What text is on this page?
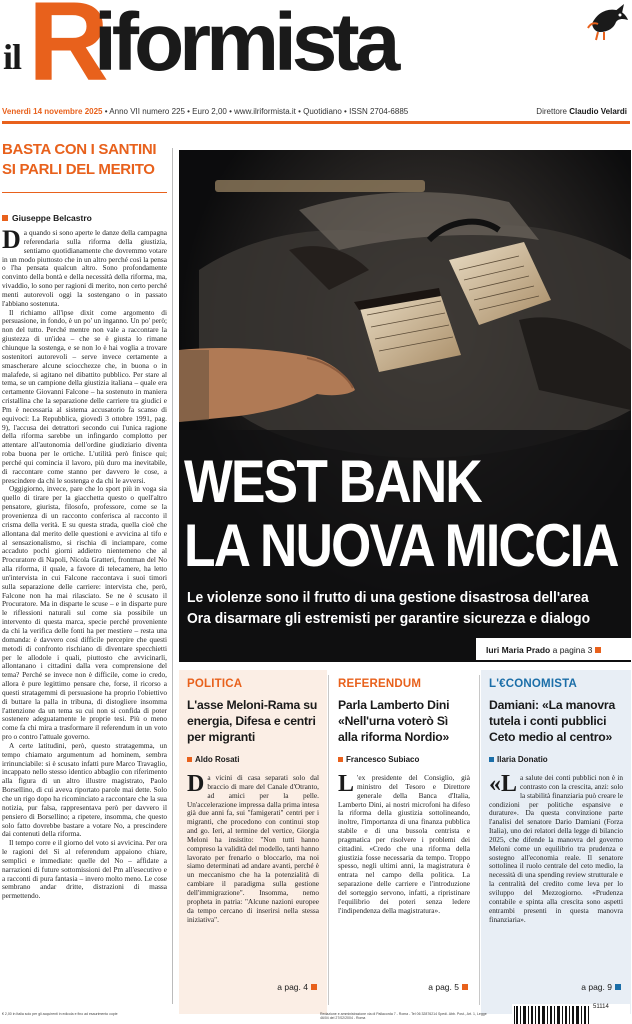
il R
iformista
Venerdì 14 novembre 2025 • Anno VII numero 225 • Euro 2,00 • www.ilriformista.it • Quotidiano • ISSN 2704-6885	Direttore Claudio Velardi
BASTA CON I SANTINI SI PARLI DEL MERITO
Giuseppe Belcastro

Da quando si sono aperte le danze della campagna referendaria sulla riforma della giustizia, sentiamo quotidianamente che dovremmo votare in un modo piuttosto che in un altro perché così la pensa o l'ha pensata qualcun altro. Sono profondamente convinto della bontà e della necessità della riforma, ma, vivaddio, lo sono per ragioni di merito, non certo perché menti autorevoli oggi la sostengano o in passato l'abbiano sostenuta.

Il richiamo all'ipse dixit come argomento di persuasione, in fondo, è un po' un inganno. Un po' però; non del tutto. Perché mentre non vale a raccontare la giustezza di un'idea – che se è giusta lo rimane chiunque la sostenga, e se non lo è hai voglia a trovare sostenitori autorevoli – serve invece certamente a smascherare alcune sciocchezze che, in buona o in malafede, si agitano nel dibattito pubblico. Per stare al tema, se un campione della giustizia italiana – quale era certamente Giovanni Falcone – ha sostenuto in maniera cristallina che la separazione delle carriere tra giudici e Pm è necessaria al sistema accusatorio fa scanso di equivoci: La Repubblica, giovedì 3 ottobre 1991, pag. 9), l'accusa dei detrattori secondo cui l'unica ragione della riforma sarebbe un infingardo complotto per attentare all'autonomia dell'ordine giudiziario diventa roba buona per le ortiche. L'utilità però finisce qui; perché qui comincia il lavoro, più duro ma inevitabile, di raccontare come stanno per davvero le cose, a prescindere da chi le sostenga e da chi le avversi.

Oggigiorno, invece, pare che lo sport più in voga sia quello di tirare per la giacchetta questo o quell'altro pensatore, giurista, filosofo, professore, come se la provenienza di un racconto conferisca al racconto il crisma della verità. E su questa strada, quella cioè che allontana dal merito delle questioni e avvicina al tifo e al sensazionalismo, si rischia di inciampare, come accaduto pochi giorni addietro nientemeno che al Procuratore di Napoli, Nicola Gratteri, frontman del No alla riforma, il quale, a favore di telecamere, ha letto un'intervista in cui Falcone raccontava i suoi timori sulla separazione delle carriere: intervista che, però, Falcone non ha mai rilasciato. Se ne è scusato il Procuratore. Ma in disparte le scuse – e in disparte pure le riflessioni naturali sul come sia possibile un intervento di questa marca, specie perché proveniente da chi la verifica delle fonti ha per mestiere – resta una domanda: è davvero così difficile percepire che questi metodi di confronto rischiano di diventare specchietti per le allodole i quali, piuttosto che avvicinarli, allontanano i cittadini dalla vera comprensione del tema? Perché se invece non è difficile, come io credo, allora è pure legittimo pensare che, forse, il ricorso a questi stratagemmi di persuasione ha proprio l'obiettivo di buttare la palla in tribuna, di distogliere insomma l'attenzione da un tema su cui non si confida di poter sostenere adeguatamente le proprie tesi. Più o meno come fa chi mira a trasformare il referendum in un voto pro o contro l'attuale governo.

A certe latitudini, però, questo stratagemma, un tempo chiamato argumentum ad hominem, sembra irrinunciabile: si è scusato infatti pure Marco Travaglio, incappato nello stesso identico abbaglio con riferimento alla figura di un altro illustre magistrato, Paolo Borsellino, di cui aveva riportato parole mai dette. Solo che un rigo dopo ha ricominciato a raccontare che la sua notizia, pur falsa, rappresentava però per davvero il pensiero di Borsellino; a ripetere, insomma, che questo solo fatto dovrebbe bastare a votare No, a prescindere dai contenuti della riforma.

Il tempo corre e il giorno del voto si avvicina. Per ora le ragioni del Sì al referendum appaiono chiare, semplici e immediate: quelle del No – affidate a narrazioni di future sottomissioni del Pm all'esecutivo e a racconti di pura fantasia – invero molto meno. Le cose sembrano andar dritte, distrazioni di massa permettendo.

WEST BANK
LA NUOVA MICCIA
Le violenze sono il frutto di una gestione disastrosa dell'area
Ora disarmare gli estremisti per garantire sicurezza e dialogo
Iuri Maria Prado a pagina 3
POLITICA
L'asse Meloni-Rama su energia, Difesa e centri per migranti
Aldo Rosati
Da vicini di casa separati solo dal braccio di mare del Canale d'Otranto, ad amici per la pelle. Un'accelerazione impressa dalla prima intesa già due anni fa, sui "famigerati" centri per i migranti, che procedono con continui stop and go. Ieri, al termine del vertice, Giorgia Meloni ha insistito: "Non tutti hanno compreso la validità del modello, tanti hanno lavorato per frenarlo o bloccarlo, ma noi siamo determinati ad andare avanti, perché è un meccanismo che ha la potenzialità di cambiare il paradigma sulla gestione dell'immigrazione". Insomma, nemo propheta in patria: "Alcune nazioni europee da tempo cercano di inserirsi nella stessa iniziativa".
a pag. 4
REFERENDUM
Parla Lamberto Dini «Nell'urna voterò Sì alla riforma Nordio»
Francesco Subiaco
L 'ex presidente del Consiglio, già ministro del Tesoro e Direttore generale della Banca d'Italia, Lamberto Dini, ai nostri microfoni ha difeso la riforma della giustizia sottolineando, inoltre, l'importanza di una finanza pubblica stabile e di una bussola centrista e pragmatica per risolvere i problemi dei cittadini. «Credo che una riforma della giustizia fosse necessaria da tempo. Troppo spesso, negli ultimi anni, la magistratura è entrata nel campo della politica. La separazione delle carriere e l'introduzione del sorteggio servono, infatti, a ripristinare l'equilibrio dei poteri senza ledere l'indipendenza della magistratura».
a pag. 5
L'€CONOMISTA
Damiani: «La manovra tutela i conti pubblici Ceto medio al centro»
Ilaria Donatio
«La salute dei conti pubblici non è in contrasto con la crescita, anzi: solo la stabilità finanziaria può creare le condizioni per politiche espansive e durature». Da questa convinzione parte l'analisi del senatore Dario Damiani (Forza Italia), uno dei relatori della legge di bilancio 2025, che difende la manovra del governo Meloni come un equilibrio tra prudenza e sostegno all'economia reale. Il senatore sottolinea il ruolo centrale del ceto medio, la necessità di una spending review strutturale e la centralità del credito come leva per lo sviluppo del Mezzogiorno. «Prudenza contabile e spinta alla crescita sono aspetti entrambi presenti in questa manovra finanziaria».
a pag. 9
€ 2,00 in Italia solo per gli acquirenti in edicola e fino ad esaurimento copie	Redazione e amministrazione via di Pallacorda 7 - Roma - Tel 06 32876214 Spedi. Abb. Post., Art. 1, Legge 46/04 del 27/02/2004 - Roma
51114
